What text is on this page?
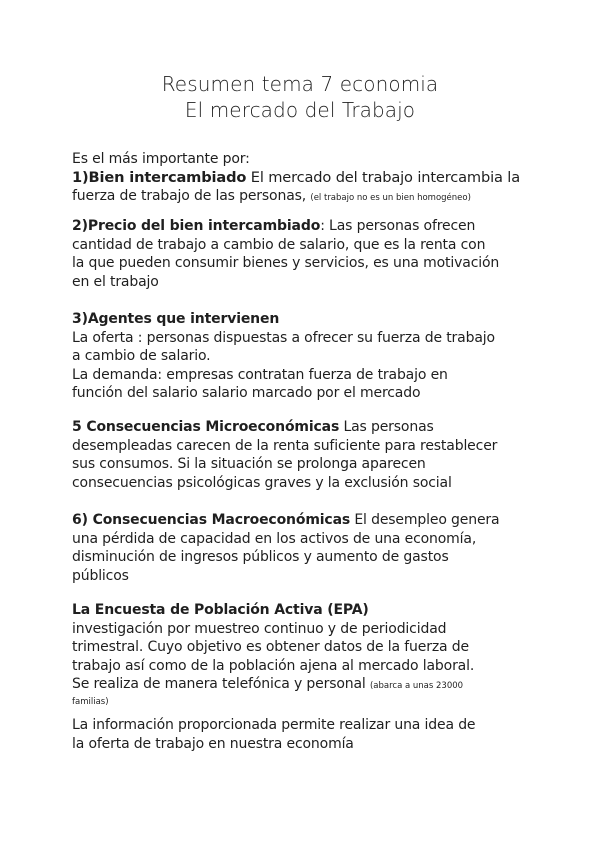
Resumen tema 7 economia
El mercado del Trabajo
Es el más importante por:
1)Bien intercambiado El mercado del trabajo intercambia la
fuerza de trabajo de las personas, (el trabajo no es un bien homogéneo)
2)Precio del bien intercambiado: Las personas ofrecen
cantidad de trabajo a cambio de salario, que es la renta con
la que pueden consumir bienes y servicios, es una motivación
en el trabajo
3)Agentes que intervienen
La oferta : personas dispuestas a ofrecer su fuerza de trabajo
a cambio de salario.
La demanda: empresas contratan fuerza de trabajo en
función del salario salario marcado por el mercado
5 Consecuencias Microeconómicas Las personas
desempleadas carecen de la renta suficiente para restablecer
sus consumos. Si la situación se prolonga aparecen
consecuencias psicológicas graves y la exclusión social
6) Consecuencias Macroeconómicas El desempleo genera
una pérdida de capacidad en los activos de una economía,
disminución de ingresos públicos y aumento de gastos
públicos
La Encuesta de Población Activa (EPA)
investigación por muestreo continuo y de periodicidad
trimestral. Cuyo objetivo es obtener datos de la fuerza de
trabajo así como de la población ajena al mercado laboral.
Se realiza de manera telefónica y personal (abarca a unas 23000
familias)
La información proporcionada permite realizar una idea de
la oferta de trabajo en nuestra economía
